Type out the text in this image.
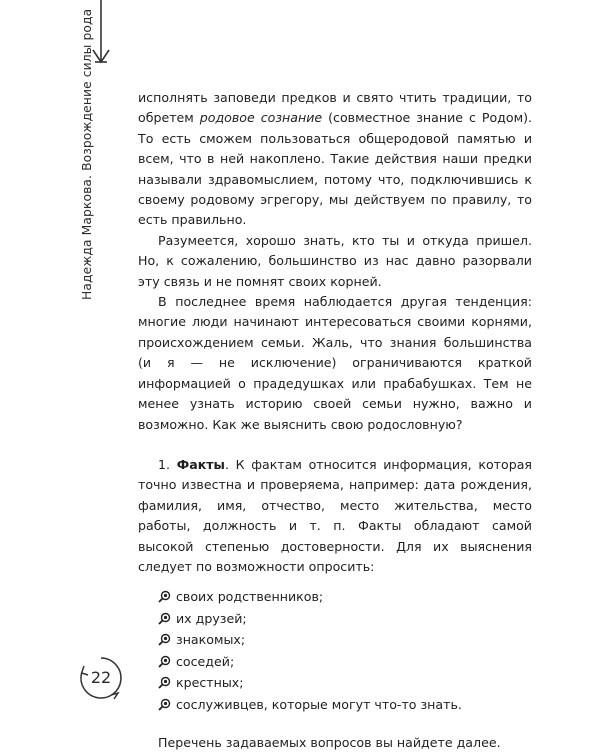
Надежда Маркова. Возрождение силы рода
22

исполнять заповеди предков и свято чтить традиции, то обретем родовое сознание (совместное знание с Родом). То есть сможем пользоваться общеродовой памятью и всем, что в ней накоплено. Такие действия наши предки называли здравомыслием, потому что, подключившись к своему родовому эгрегору, мы действуем по правилу, то есть правильно.

Разумеется, хорошо знать, кто ты и откуда пришел. Но, к сожалению, большинство из нас давно разорвали эту связь и не помнят своих корней.

В последнее время наблюдается другая тенденция: многие люди начинают интересоваться своими корнями, происхождением семьи. Жаль, что знания большинства (и я — не исключение) ограничиваются краткой информацией о прадедушках или прабабушках. Тем не менее узнать историю своей семьи нужно, важно и возможно. Как же выяснить свою родословную?

1. Факты. К фактам относится информация, которая точно известна и проверяема, например: дата рождения, фамилия, имя, отчество, место жительства, место работы, должность и т. п. Факты обладают самой высокой степенью достоверности. Для их выяснения следует по возможности опросить:

своих родственников;
их друзей;
знакомых;
соседей;
крестных;
сослуживцев, которые могут что-то знать.

Перечень задаваемых вопросов вы найдете далее.
